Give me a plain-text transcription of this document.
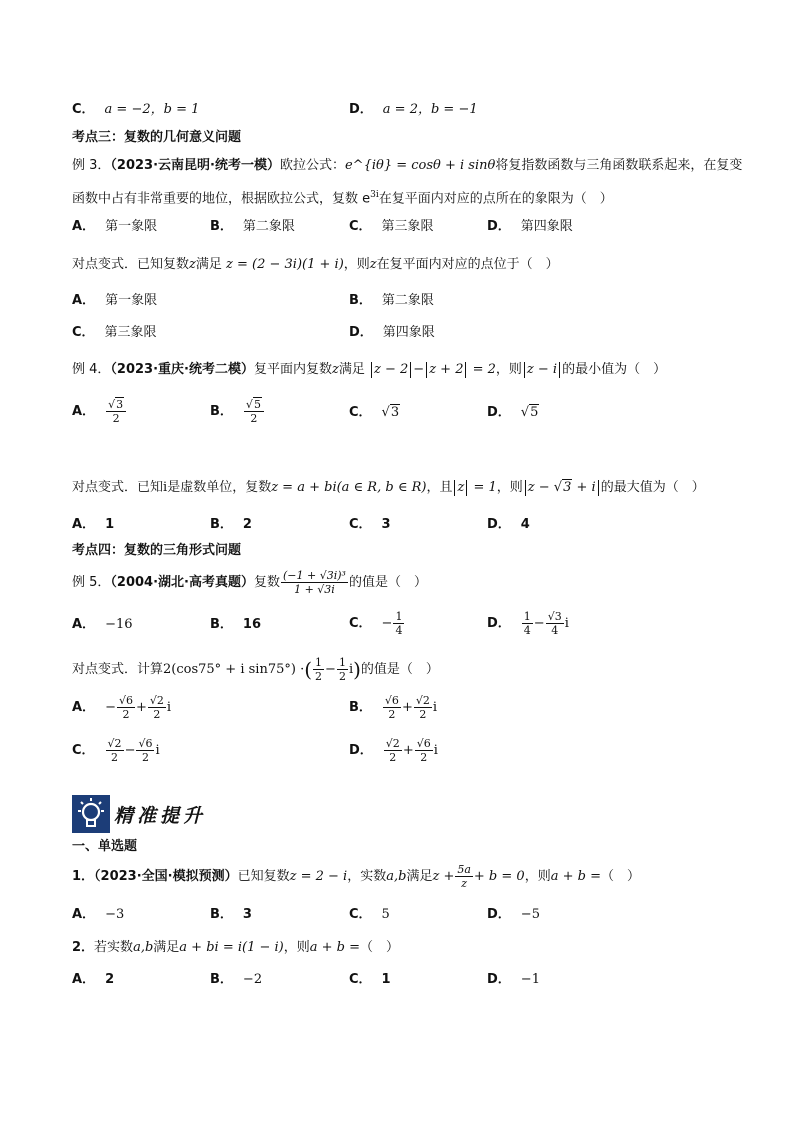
C． a = −2，b = 1	D． a = 2，b = −1
考点三：复数的几何意义问题
例 3．（2023·云南昆明·统考一模）欧拉公式：e^{iθ} = cosθ + i sinθ将复指数函数与三角函数联系起来，在复变
函数中占有非常重要的地位，根据欧拉公式，复数 $e^{3i}$在复平面内对应的点所在的象限为（　）
A． 第一象限	B． 第二象限	C． 第三象限	D． 第四象限
对点变式．已知复数z满足 z = (2 − 3i)(1 + i)，则z在复平面内对应的点位于（　）
A． 第一象限	B． 第二象限
C． 第三象限	D． 第四象限
例 4．（2023·重庆·统考二模）复平面内复数z满足 z − 2 − z + 2 = 2，则 z − i 的最小值为（　）
A． $\frac{√3}{2}$	B． $\frac{√5}{2}$	C． √3	D． √5
对点变式．已知i是虚数单位，复数z = a + bi(a ∈ R, b ∈ R)，且 z = 1，则 z − √3 + i 的最大值为（　）
A． 1	B． 2	C． 3	D． 4
考点四：复数的三角形式问题
例 5．（2004·湖北·高考真题）复数 $\frac{\text{(−1 + √3i)³}}{1 + √3i}$ 的值是（　）
A． −16	B． 16	C． − $\frac{1}{4}$	D． $\frac{1}{4} - \frac{√3}{4}$ i
对点变式．计算2(cos75° + i sin75°) ·( $\frac{1}{2} - \frac{1}{2} i$)的值是（　）
A． − $\frac{√6}{2} + \frac{√2}{2}$ i	B． $\frac{√6}{2} + \frac{√2}{2}$ i
C． $\frac{√2}{2} - \frac{√6}{2}$ i	D． $\frac{√2}{2} + \frac{√6}{2}$ i
精准提升
一、单选题
1．（2023·全国·模拟预测）已知复数z = 2 − i，实数a,b满足$z + \frac{5a}{z} + b = 0$，则a + b =（　）
A． −3	B． 3	C． 5	D． −5
2．若实数a,b满足a + bi = i(1 − i)，则a + b =（　）
A． 2	B． −2	C． 1	D． −1
